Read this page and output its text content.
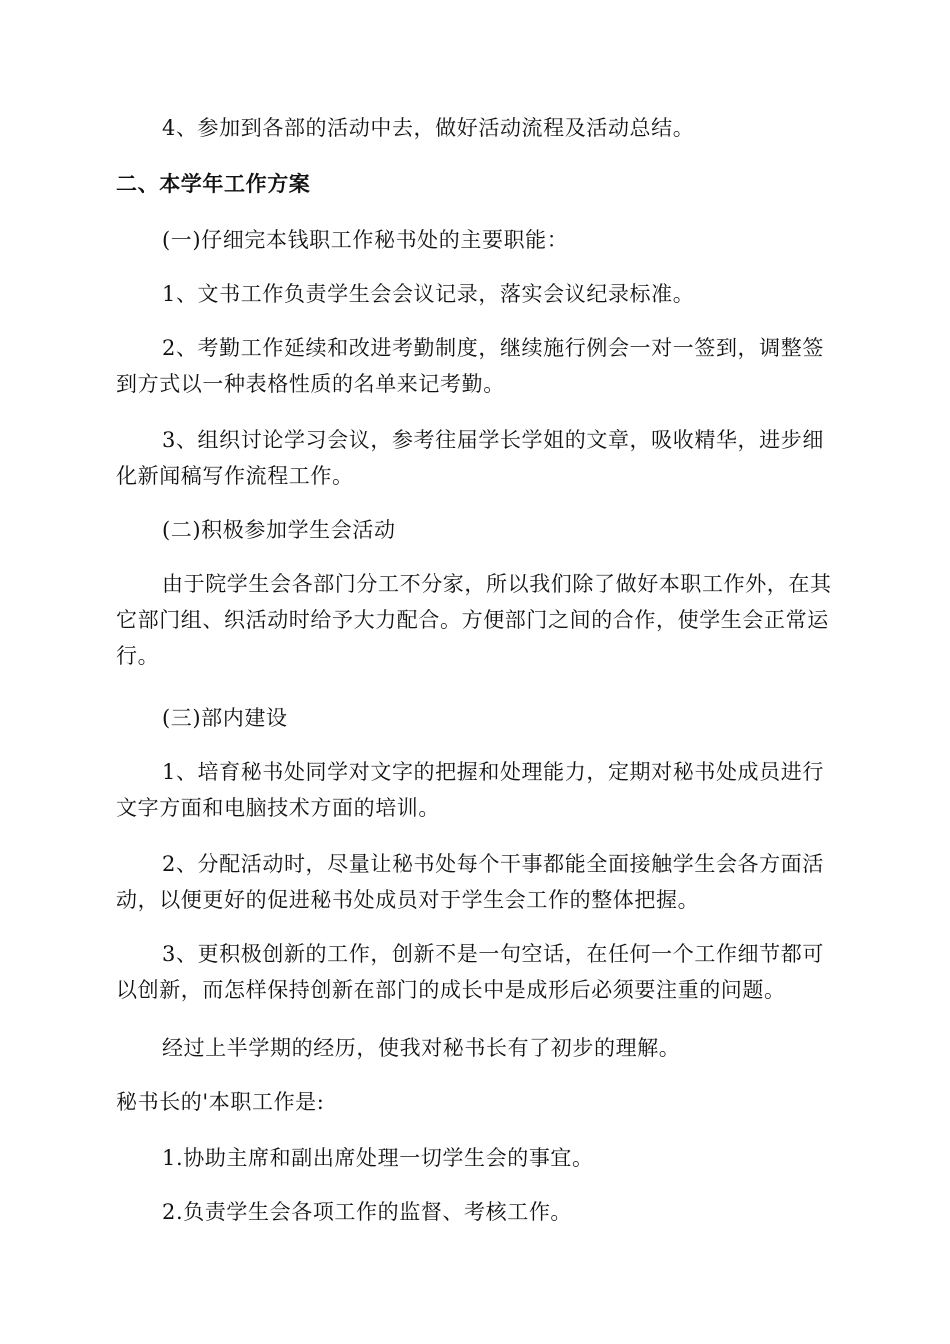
4、参加到各部的活动中去，做好活动流程及活动总结。

二、本学年工作方案

(一)仔细完本钱职工作秘书处的主要职能：

1、文书工作负责学生会会议记录，落实会议纪录标准。

2、考勤工作延续和改进考勤制度，继续施行例会一对一签到，调整签到方式以一种表格性质的名单来记考勤。

3、组织讨论学习会议，参考往届学长学姐的文章，吸收精华，进步细化新闻稿写作流程工作。

(二)积极参加学生会活动

由于院学生会各部门分工不分家，所以我们除了做好本职工作外，在其它部门组、织活动时给予大力配合。方便部门之间的合作，使学生会正常运行。

(三)部内建设

1、培育秘书处同学对文字的把握和处理能力，定期对秘书处成员进行文字方面和电脑技术方面的培训。

2、分配活动时，尽量让秘书处每个干事都能全面接触学生会各方面活动，以便更好的促进秘书处成员对于学生会工作的整体把握。

3、更积极创新的工作，创新不是一句空话，在任何一个工作细节都可以创新，而怎样保持创新在部门的成长中是成形后必须要注重的问题。

经过上半学期的经历，使我对秘书长有了初步的理解。

秘书长的'本职工作是:

1.协助主席和副出席处理一切学生会的事宜。

2.负责学生会各项工作的监督、考核工作。
